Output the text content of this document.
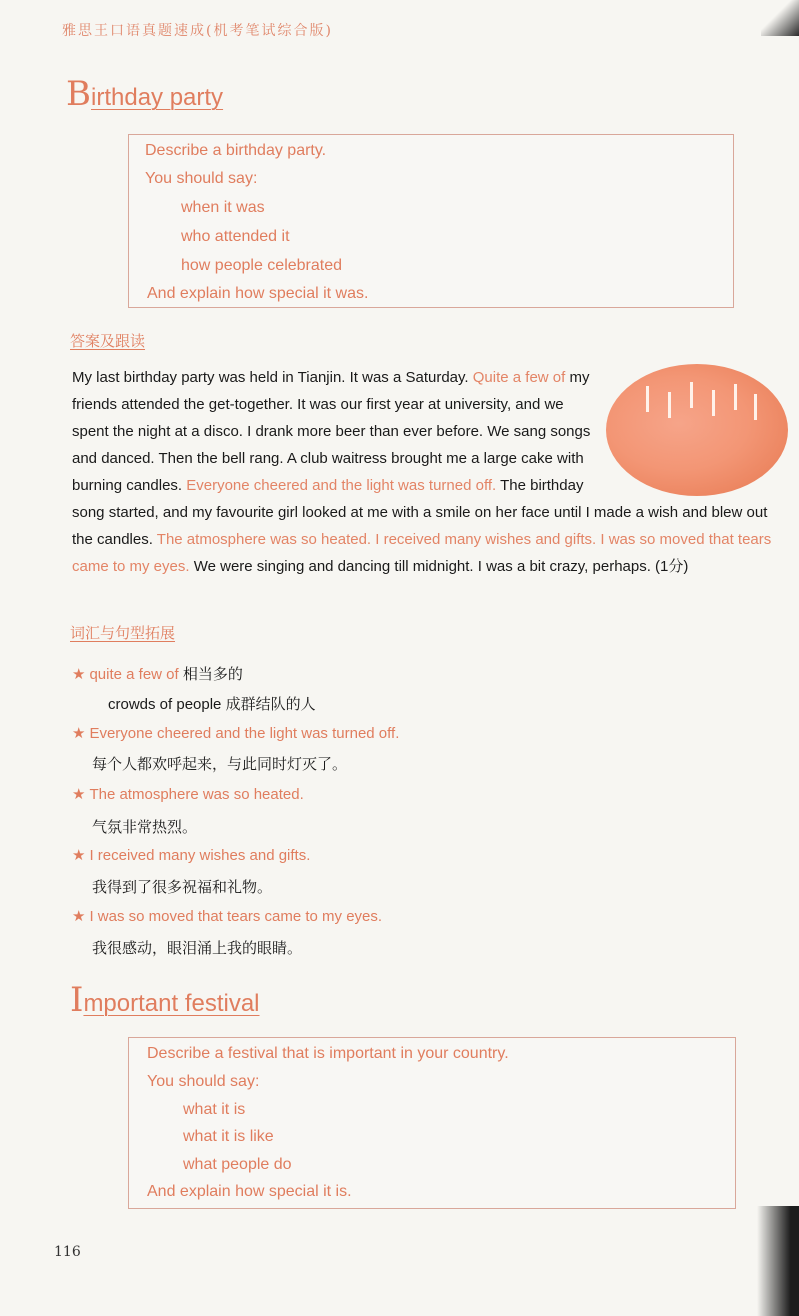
雅思王口语真题速成(机考笔试综合版)
Birthday party
Describe a birthday party.
You should say:
when it was
who attended it
how people celebrated
And explain how special it was.
答案及跟读
My last birthday party was held in Tianjin. It was a Saturday. Quite a few of my friends attended the get-together. It was our first year at university, and we spent the night at a disco. I drank more beer than ever before. We sang songs and danced. Then the bell rang. A club waitress brought me a large cake with burning candles. Everyone cheered and the light was turned off. The birthday song started, and my favourite girl looked at me with a smile on her face until I made a wish and blew out the candles. The atmosphere was so heated. I received many wishes and gifts. I was so moved that tears came to my eyes. We were singing and dancing till midnight. I was a bit crazy, perhaps. (1分)
词汇与句型拓展
★ quite a few of 相当多的
crowds of people 成群结队的人
★ Everyone cheered and the light was turned off.
每个人都欢呼起来，与此同时灯灭了。
★ The atmosphere was so heated.
气氛非常热烈。
★ I received many wishes and gifts.
我得到了很多祝福和礼物。
★ I was so moved that tears came to my eyes.
我很感动，眼泪涌上我的眼睛。
Important festival
Describe a festival that is important in your country.
You should say:
what it is
what it is like
what people do
And explain how special it is.
116
